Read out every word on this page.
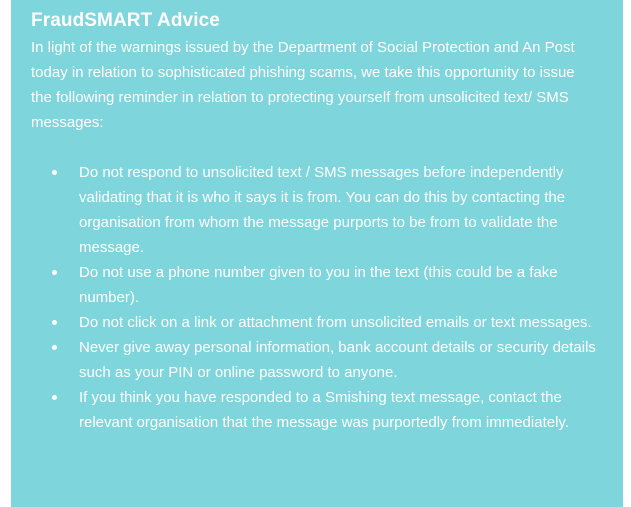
FraudSMART Advice

In light of the warnings issued by the Department of Social Protection and An Post today in relation to sophisticated phishing scams, we take this opportunity to issue the following reminder in relation to protecting yourself from unsolicited text/ SMS messages:

Do not respond to unsolicited text / SMS messages before independently validating that it is who it says it is from. You can do this by contacting the organisation from whom the message purports to be from to validate the message.
Do not use a phone number given to you in the text (this could be a fake number).
Do not click on a link or attachment from unsolicited emails or text messages.
Never give away personal information, bank account details or security details such as your PIN or online password to anyone.
If you think you have responded to a Smishing text message, contact the relevant organisation that the message was purportedly from immediately.
